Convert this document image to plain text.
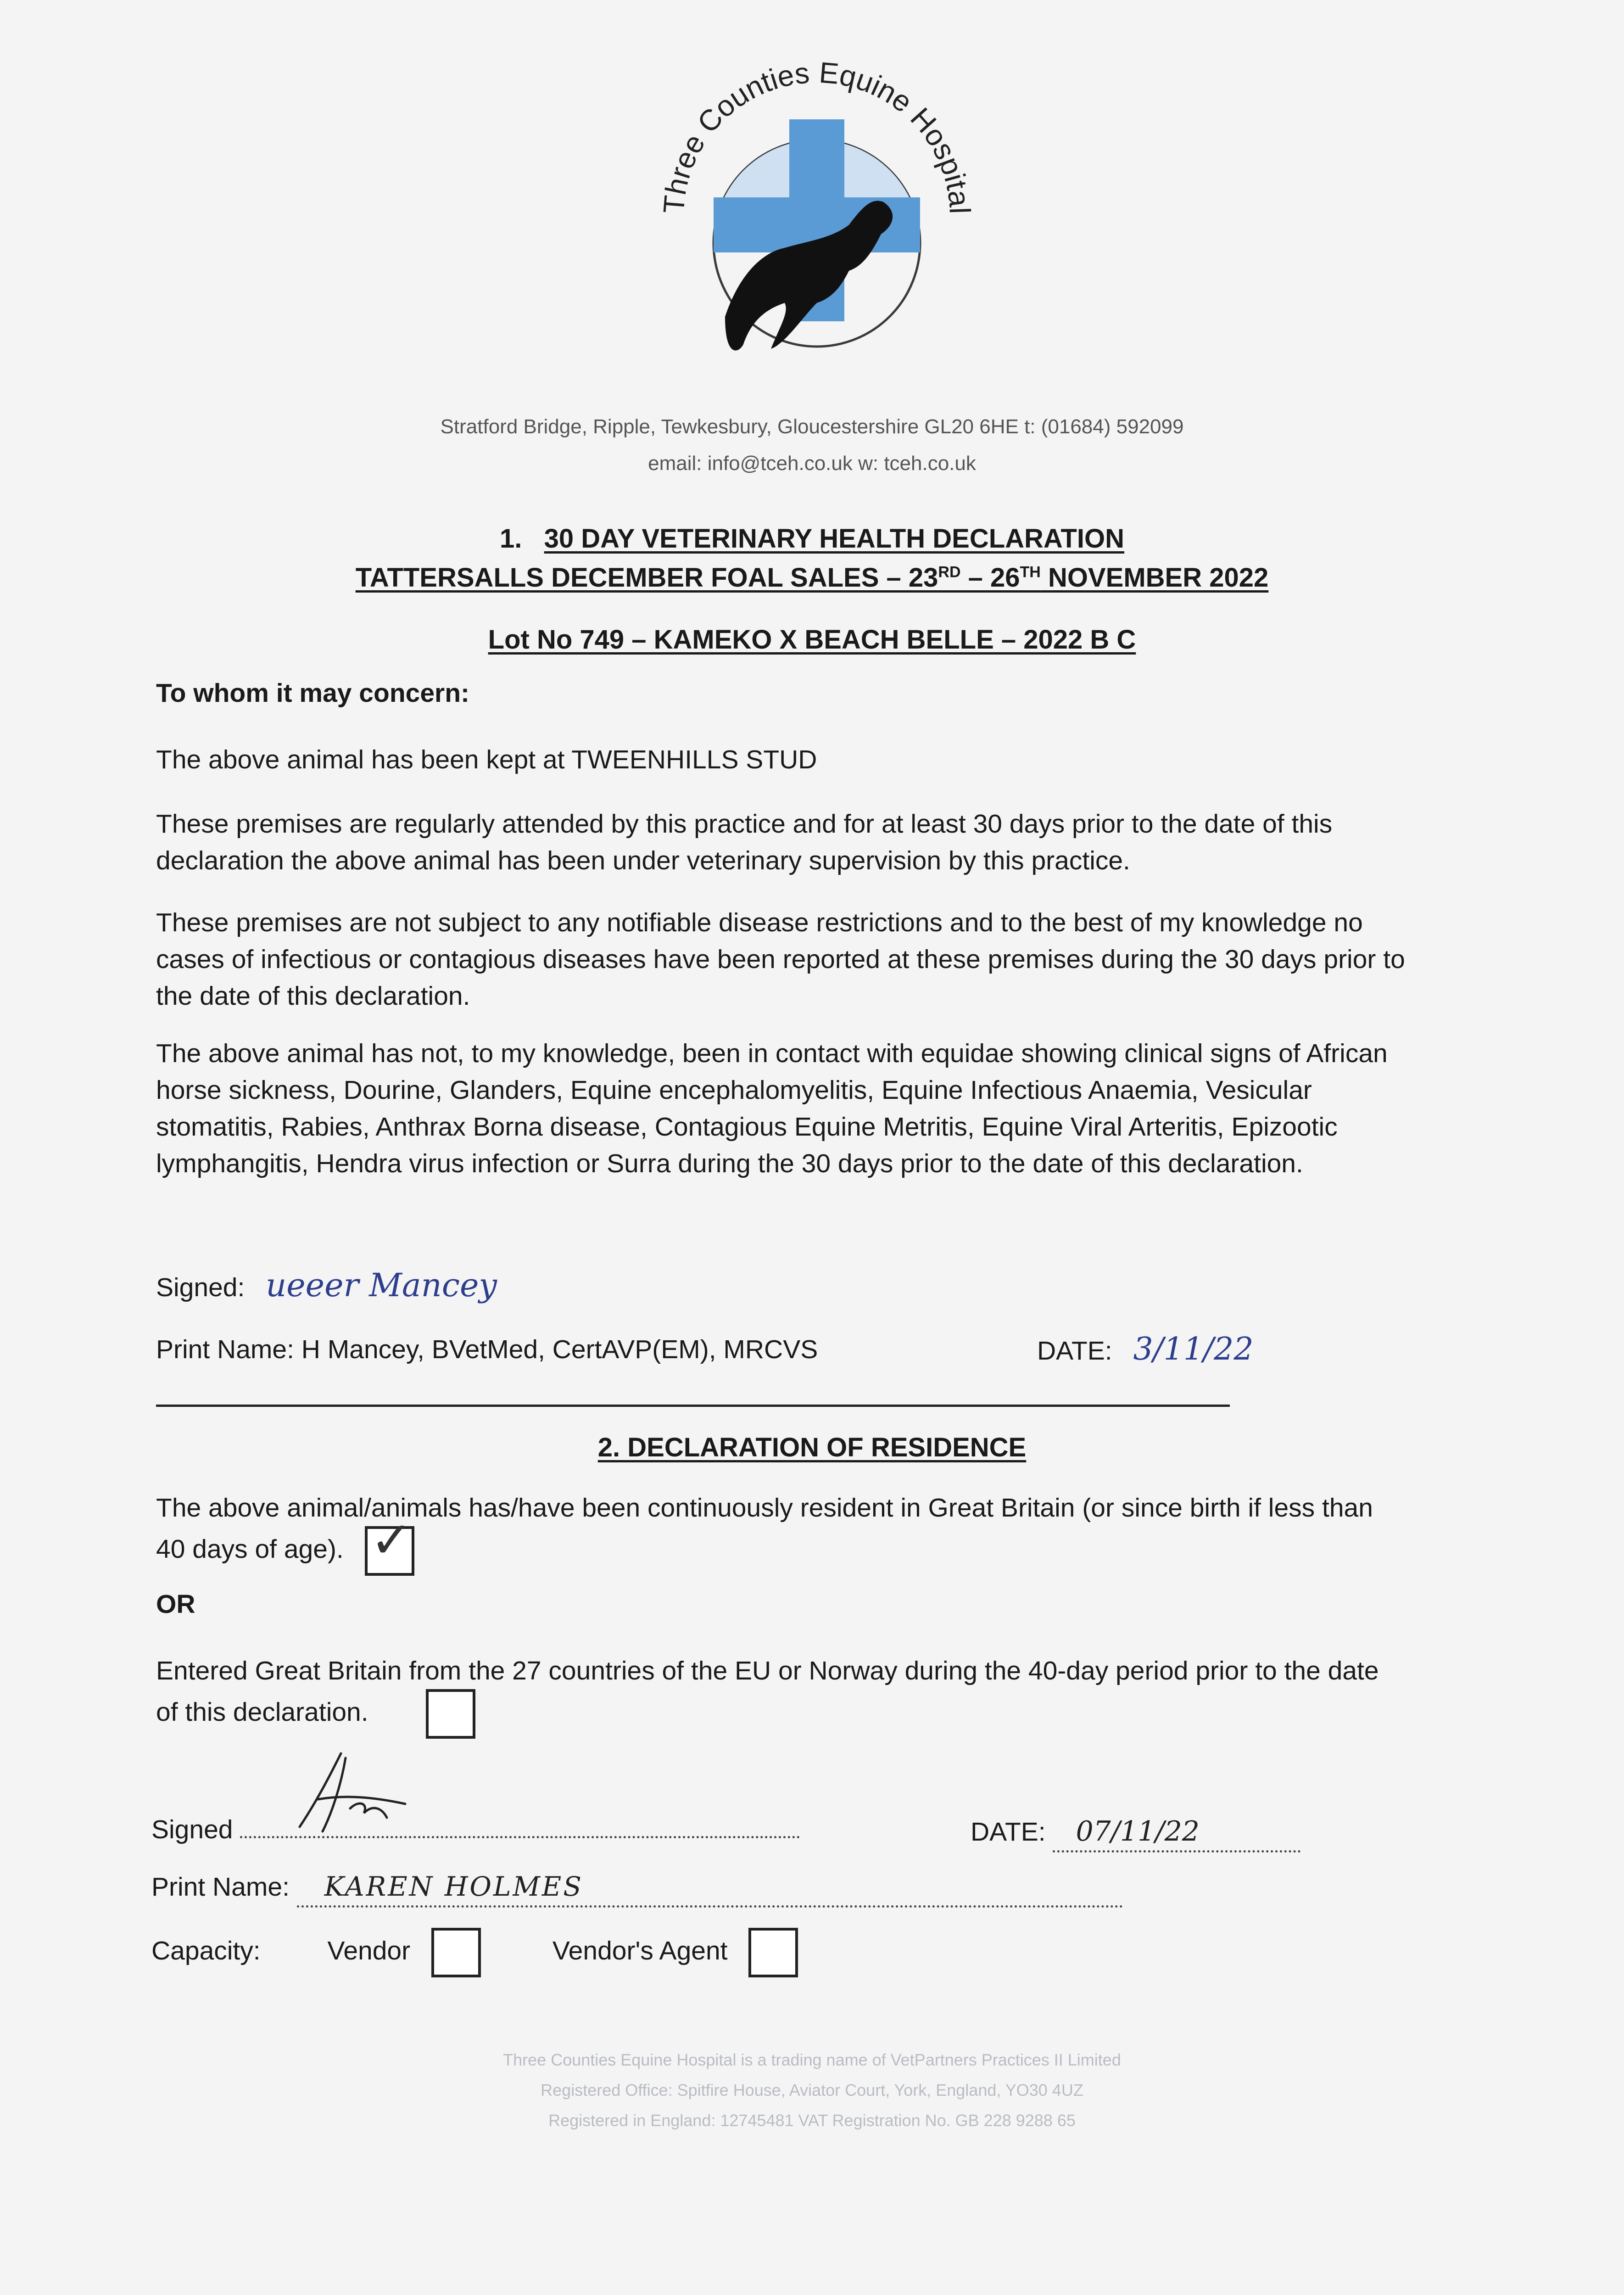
Three Counties Equine Hospital
Stratford Bridge, Ripple, Tewkesbury, Gloucestershire GL20 6HE t: (01684) 592099
email: info@tceh.co.uk w: tceh.co.uk
1. 30 DAY VETERINARY HEALTH DECLARATION
TATTERSALLS DECEMBER FOAL SALES – 23RD – 26TH NOVEMBER 2022
Lot No 749 – KAMEKO X BEACH BELLE – 2022 B C
To whom it may concern:
The above animal has been kept at TWEENHILLS STUD
These premises are regularly attended by this practice and for at least 30 days prior to the date of this declaration the above animal has been under veterinary supervision by this practice.
These premises are not subject to any notifiable disease restrictions and to the best of my knowledge no cases of infectious or contagious diseases have been reported at these premises during the 30 days prior to the date of this declaration.
The above animal has not, to my knowledge, been in contact with equidae showing clinical signs of African horse sickness, Dourine, Glanders, Equine encephalomyelitis, Equine Infectious Anaemia, Vesicular stomatitis, Rabies, Anthrax Borna disease, Contagious Equine Metritis, Equine Viral Arteritis, Epizootic lymphangitis, Hendra virus infection or Surra during the 30 days prior to the date of this declaration.
Signed: ueeer Mancey
Print Name: H Mancey, BVetMed, CertAVP(EM), MRCVS	DATE: 3/11/22
2. DECLARATION OF RESIDENCE
The above animal/animals has/have been continuously resident in Great Britain (or since birth if less than 40 days of age). ✓
OR
Entered Great Britain from the 27 countries of the EU or Norway during the 40-day period prior to the date of this declaration.
Signed	DATE: 07/11/22
Print Name: KAREN HOLMES
Capacity:	Vendor	Vendor's Agent
Three Counties Equine Hospital is a trading name of VetPartners Practices II Limited
Registered Office: Spitfire House, Aviator Court, York, England, YO30 4UZ
Registered in England: 12745481 VAT Registration No. GB 228 9288 65
